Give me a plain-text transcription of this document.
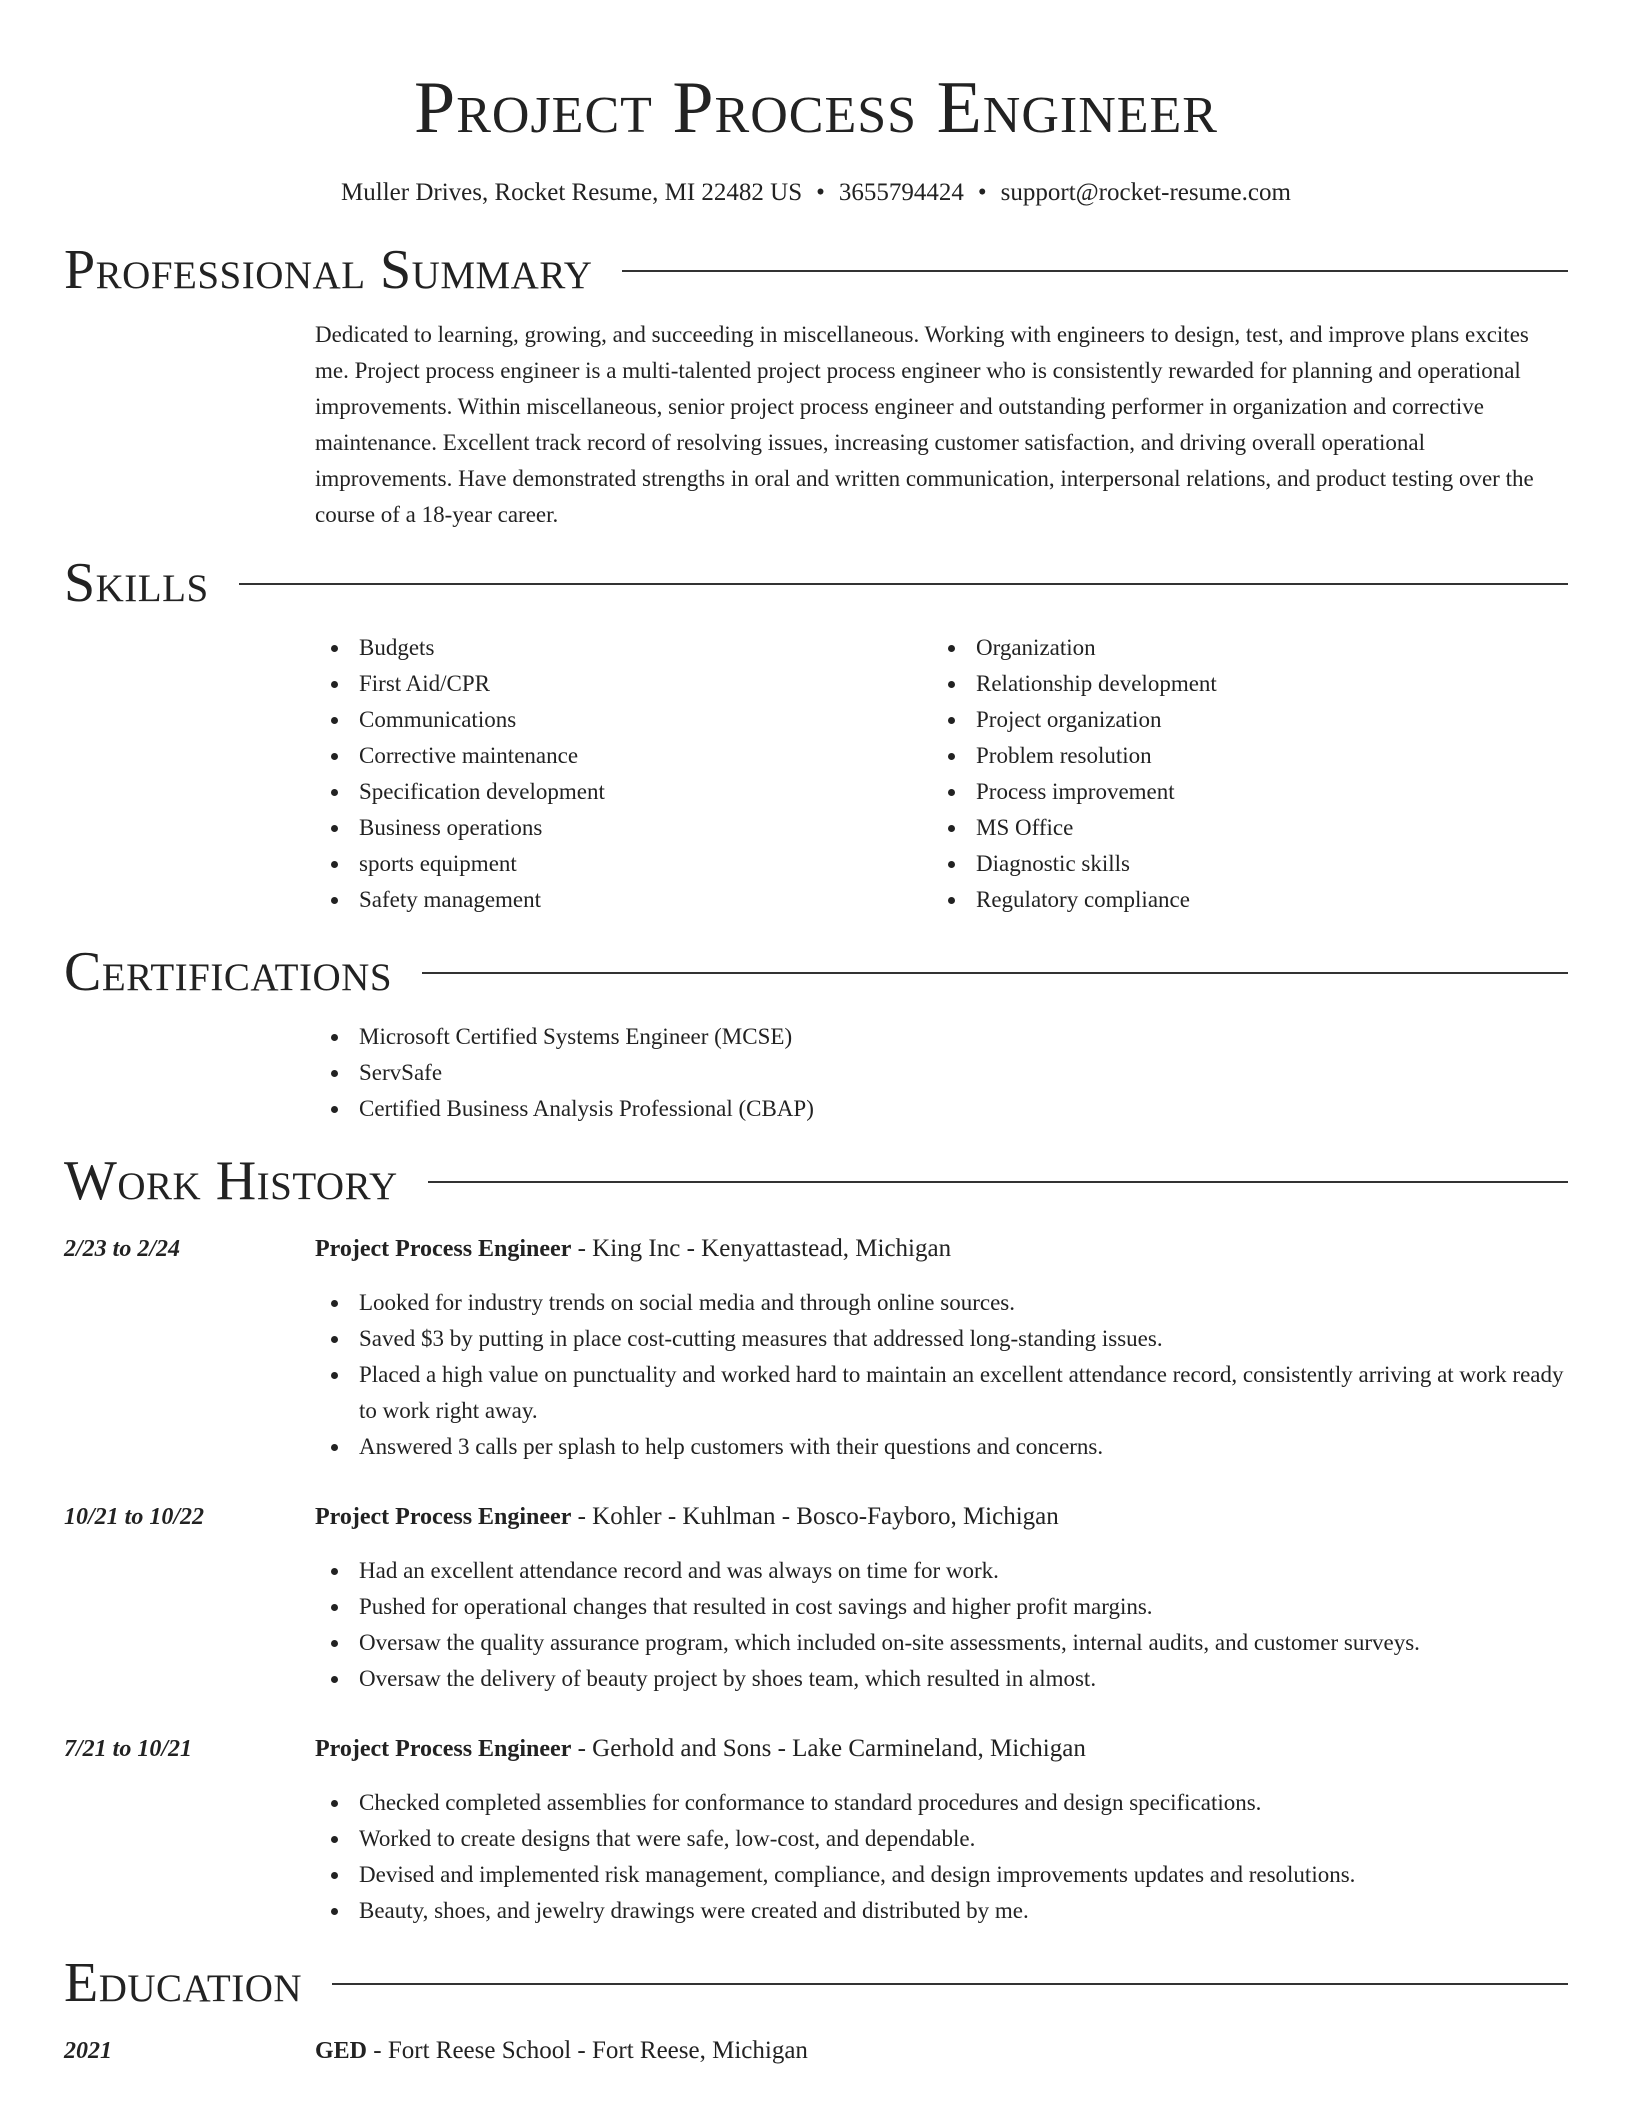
Project Process Engineer
Muller Drives, Rocket Resume, MI 22482 US • 3655794424 • support@rocket-resume.com
Professional Summary

Dedicated to learning, growing, and succeeding in miscellaneous. Working with engineers to design, test, and improve plans excites me. Project process engineer is a multi-talented project process engineer who is consistently rewarded for planning and operational improvements. Within miscellaneous, senior project process engineer and outstanding performer in organization and corrective maintenance. Excellent track record of resolving issues, increasing customer satisfaction, and driving overall operational improvements. Have demonstrated strengths in oral and written communication, interpersonal relations, and product testing over the course of a 18-year career.

Skills
Budgets
First Aid/CPR
Communications
Corrective maintenance
Specification development
Business operations
sports equipment
Safety management
Organization
Relationship development
Project organization
Problem resolution
Process improvement
MS Office
Diagnostic skills
Regulatory compliance
Certifications
Microsoft Certified Systems Engineer (MCSE)
ServSafe
Certified Business Analysis Professional (CBAP)
Work History
2/23 to 2/24	Project Process Engineer - King Inc - Kenyattastead, Michigan
Looked for industry trends on social media and through online sources.
Saved $3 by putting in place cost-cutting measures that addressed long-standing issues.
Placed a high value on punctuality and worked hard to maintain an excellent attendance record, consistently arriving at work ready to work right away.
Answered 3 calls per splash to help customers with their questions and concerns.
10/21 to 10/22	Project Process Engineer - Kohler - Kuhlman - Bosco-Fayboro, Michigan
Had an excellent attendance record and was always on time for work.
Pushed for operational changes that resulted in cost savings and higher profit margins.
Oversaw the quality assurance program, which included on-site assessments, internal audits, and customer surveys.
Oversaw the delivery of beauty project by shoes team, which resulted in almost.
7/21 to 10/21	Project Process Engineer - Gerhold and Sons - Lake Carmineland, Michigan
Checked completed assemblies for conformance to standard procedures and design specifications.
Worked to create designs that were safe, low-cost, and dependable.
Devised and implemented risk management, compliance, and design improvements updates and resolutions.
Beauty, shoes, and jewelry drawings were created and distributed by me.
Education
2021	GED - Fort Reese School - Fort Reese, Michigan
